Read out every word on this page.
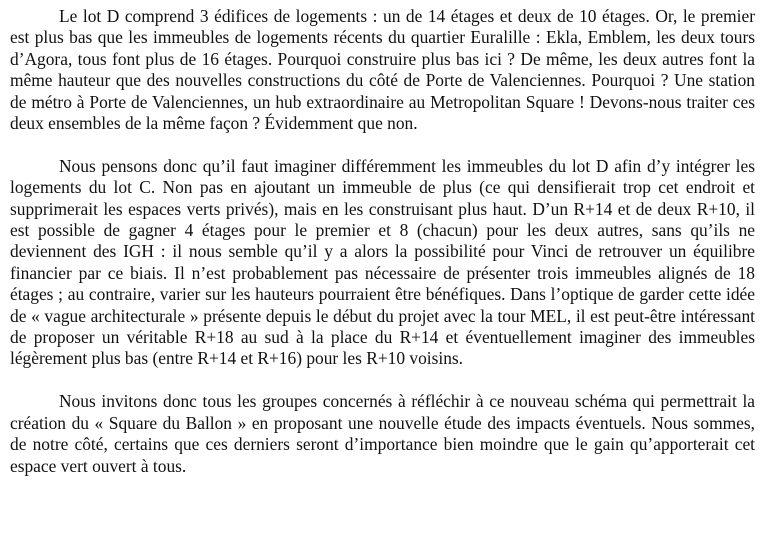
Le lot D comprend 3 édifices de logements : un de 14 étages et deux de 10 étages. Or, le premier est plus bas que les immeubles de logements récents du quartier Euralille : Ekla, Emblem, les deux tours d’Agora, tous font plus de 16 étages. Pourquoi construire plus bas ici ? De même, les deux autres font la même hauteur que des nouvelles constructions du côté de Porte de Valenciennes. Pourquoi ? Une station de métro à Porte de Valenciennes, un hub extraordinaire au Metropolitan Square ! Devons-nous traiter ces deux ensembles de la même façon ? Évidemment que non.

Nous pensons donc qu’il faut imaginer différemment les immeubles du lot D afin d’y intégrer les logements du lot C. Non pas en ajoutant un immeuble de plus (ce qui densifierait trop cet endroit et supprimerait les espaces verts privés), mais en les construisant plus haut. D’un R+14 et de deux R+10, il est possible de gagner 4 étages pour le premier et 8 (chacun) pour les deux autres, sans qu’ils ne deviennent des IGH : il nous semble qu’il y a alors la possibilité pour Vinci de retrouver un équilibre financier par ce biais. Il n’est probablement pas nécessaire de présenter trois immeubles alignés de 18 étages ; au contraire, varier sur les hauteurs pourraient être bénéfiques. Dans l’optique de garder cette idée de « vague architecturale » présente depuis le début du projet avec la tour MEL, il est peut-être intéressant de proposer un véritable R+18 au sud à la place du R+14 et éventuellement imaginer des immeubles légèrement plus bas (entre R+14 et R+16) pour les R+10 voisins.

Nous invitons donc tous les groupes concernés à réfléchir à ce nouveau schéma qui permettrait la création du « Square du Ballon » en proposant une nouvelle étude des impacts éventuels. Nous sommes, de notre côté, certains que ces derniers seront d’importance bien moindre que le gain qu’apporterait cet espace vert ouvert à tous.
